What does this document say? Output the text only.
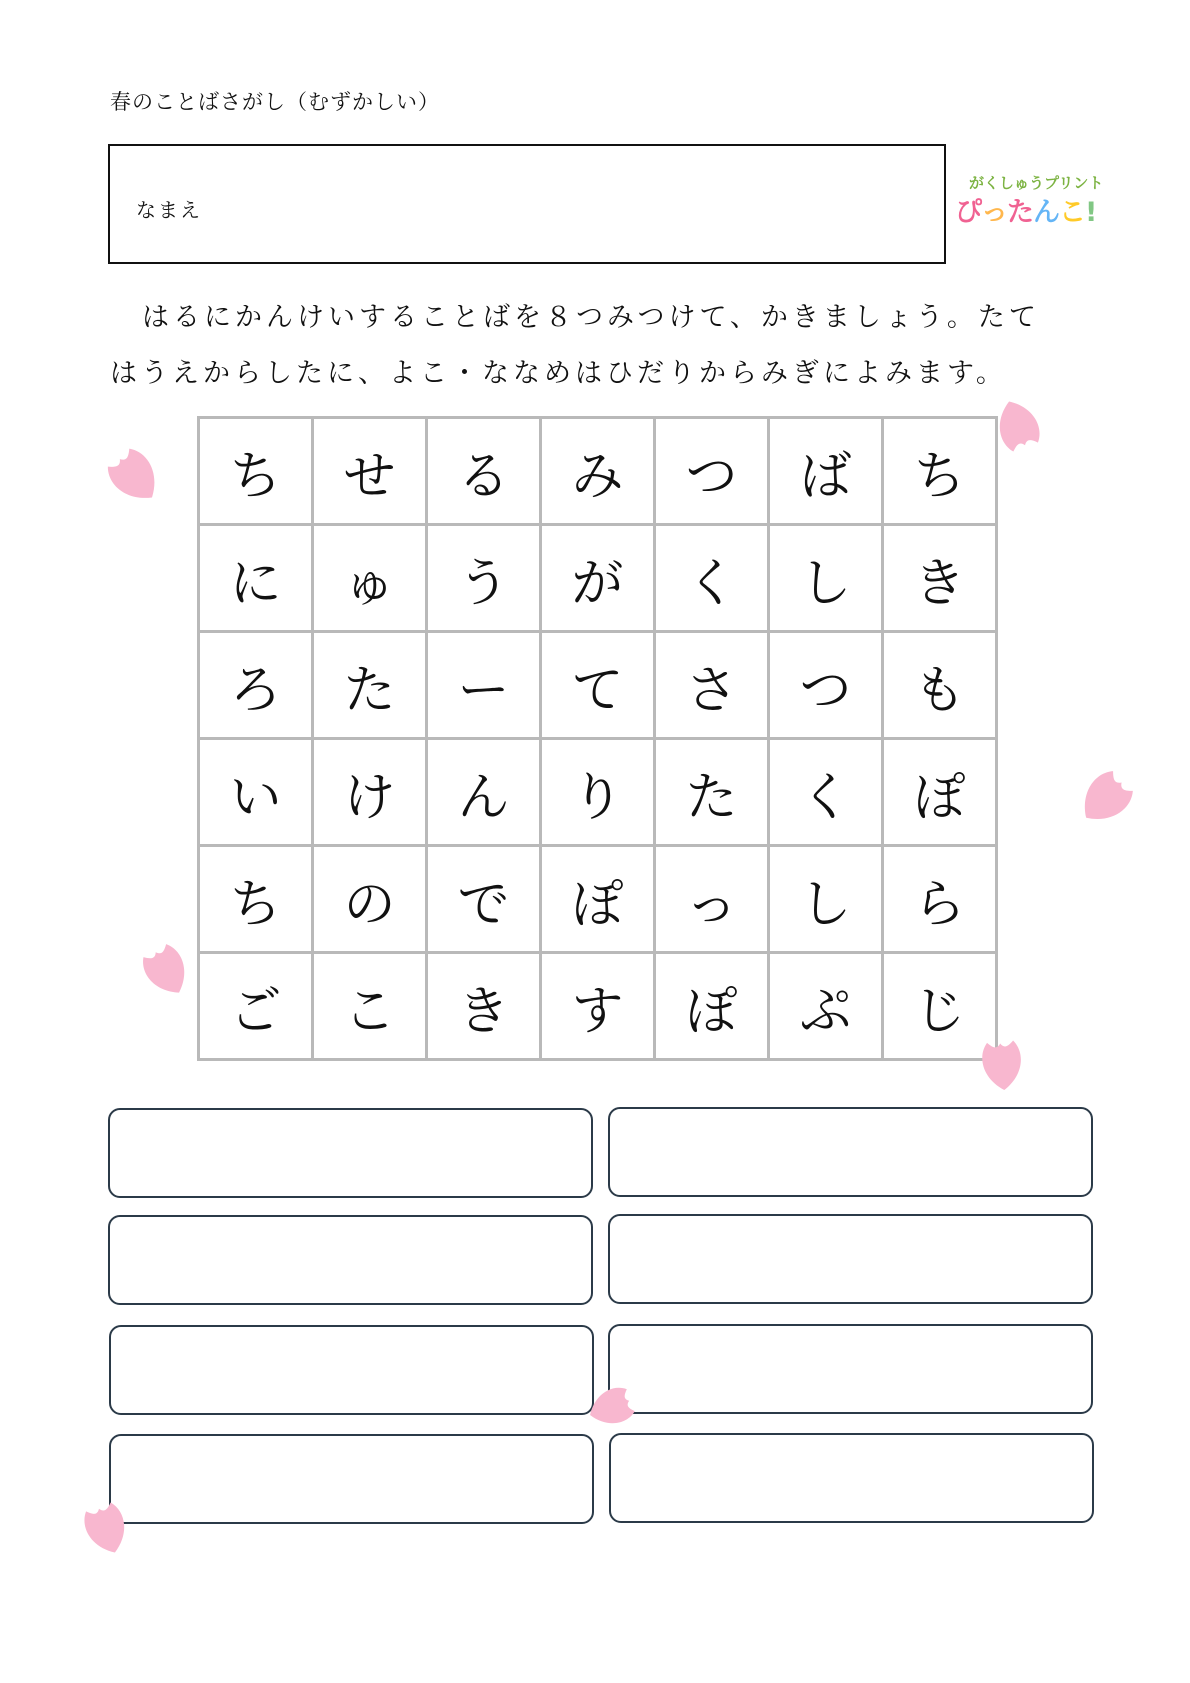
春のことばさがし（むずかしい）
なまえ
がくしゅうプリント
ぴったんこ!

はるにかんけいすることばを８つみつけて、かきましょう。たて

はうえからしたに、よこ・ななめはひだりからみぎによみます。

ち	せ	る	み	つ	ば	ち
に	ゅ	う	が	く	し	き
ろ	た	ー	て	さ	つ	も
い	け	ん	り	た	く	ぽ
ち	の	で	ぽ	っ	し	ら
ご	こ	き	す	ぽ	ぷ	じ
